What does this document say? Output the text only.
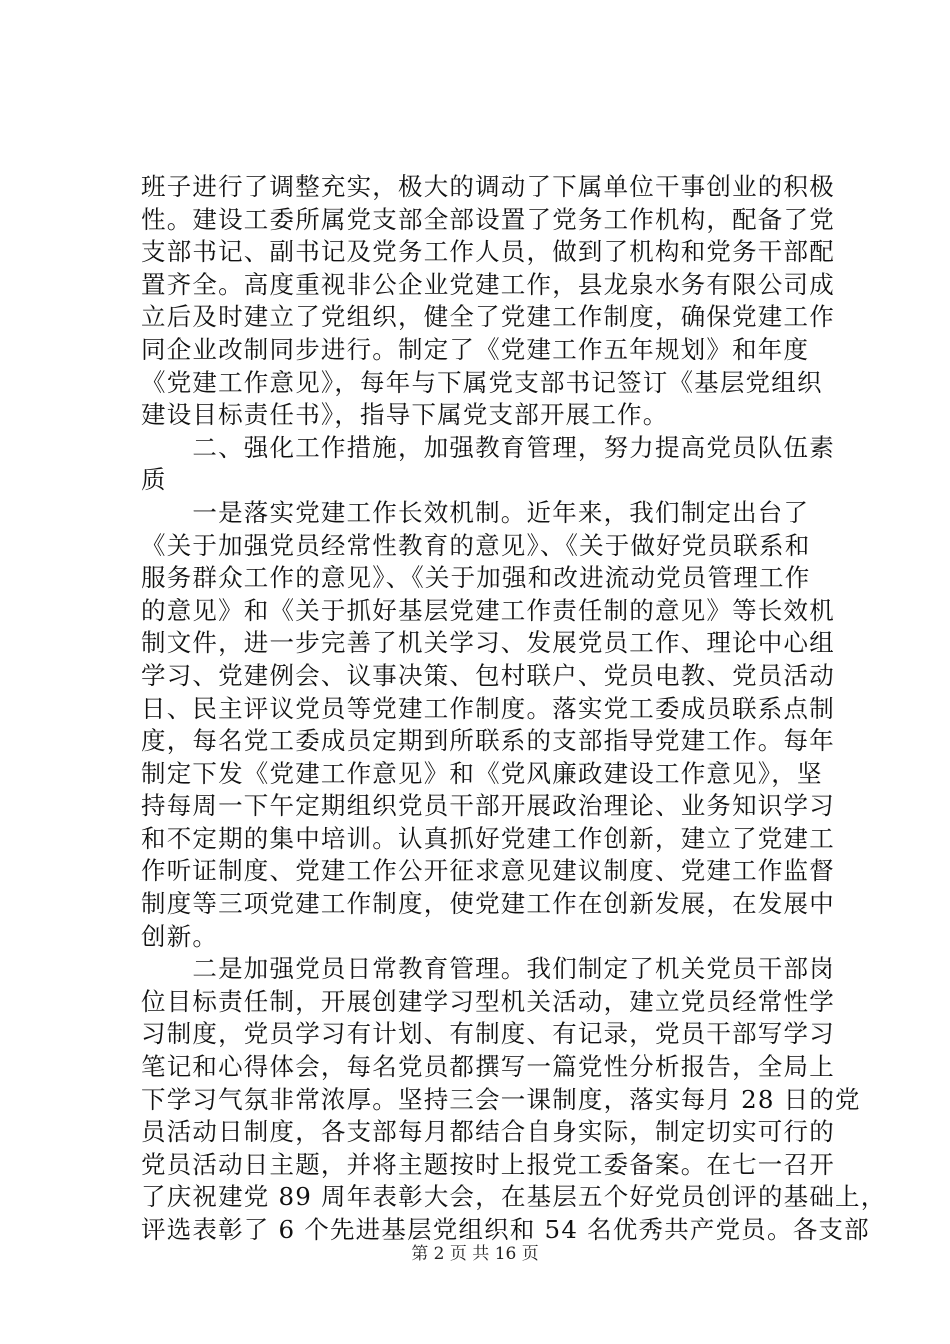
班子进行了调整充实，极大的调动了下属单位干事创业的积极
性。建设工委所属党支部全部设置了党务工作机构，配备了党
支部书记、副书记及党务工作人员，做到了机构和党务干部配
置齐全。高度重视非公企业党建工作，县龙泉水务有限公司成
立后及时建立了党组织，健全了党建工作制度，确保党建工作
同企业改制同步进行。制定了《党建工作五年规划》和年度
《党建工作意见》，每年与下属党支部书记签订《基层党组织
建设目标责任书》，指导下属党支部开展工作。
　　二、强化工作措施，加强教育管理，努力提高党员队伍素
质
　　一是落实党建工作长效机制。近年来，我们制定出台了
《关于加强党员经常性教育的意见》、《关于做好党员联系和
服务群众工作的意见》、《关于加强和改进流动党员管理工作
的意见》和《关于抓好基层党建工作责任制的意见》等长效机
制文件，进一步完善了机关学习、发展党员工作、理论中心组
学习、党建例会、议事决策、包村联户、党员电教、党员活动
日、民主评议党员等党建工作制度。落实党工委成员联系点制
度，每名党工委成员定期到所联系的支部指导党建工作。每年
制定下发《党建工作意见》和《党风廉政建设工作意见》，坚
持每周一下午定期组织党员干部开展政治理论、业务知识学习
和不定期的集中培训。认真抓好党建工作创新，建立了党建工
作听证制度、党建工作公开征求意见建议制度、党建工作监督
制度等三项党建工作制度，使党建工作在创新发展，在发展中
创新。
　　二是加强党员日常教育管理。我们制定了机关党员干部岗
位目标责任制，开展创建学习型机关活动，建立党员经常性学
习制度，党员学习有计划、有制度、有记录，党员干部写学习
笔记和心得体会，每名党员都撰写一篇党性分析报告，全局上
下学习气氛非常浓厚。坚持三会一课制度，落实每月 28 日的党
员活动日制度，各支部每月都结合自身实际，制定切实可行的
党员活动日主题，并将主题按时上报党工委备案。在七一召开
了庆祝建党 89 周年表彰大会，在基层五个好党员创评的基础上，
评选表彰了 6 个先进基层党组织和 54 名优秀共产党员。各支部
第 2 页 共 16 页
